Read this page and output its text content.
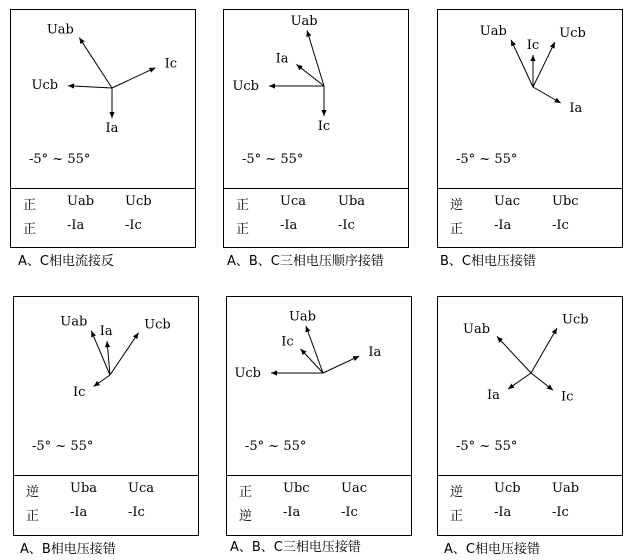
Uab
Ic
Ucb
Ia
-5° ~ 55°
正 Uab Ucb
正 -Ia	-Ic
A、C相电流接反
Uab
Ia
Ucb
Ic
-5° ~ 55°
正 Uca Uba
正 -Ia	-Ic
A、B、C三相电压顺序接错
Uab
Ic
Ucb
Ia
-5° ~ 55°
逆 Uac Ubc
正 -Ia	-Ic
B、C相电压接错
Uab
Ia Ucb
Ic
-5° ~ 55°
逆 Uba Uca
正 -Ia	-Ic
A、B相电压接错
Uab
Ic
Ia
Ucb
-5° ~ 55°
正 Ubc Uac
逆 -Ia	-Ic
A、B、C三相电压接错
Uab
Ucb
Ia	Ic
-5° ~ 55°
逆 Ucb Uab
正 -Ia	-Ic
A、C相电压接错
